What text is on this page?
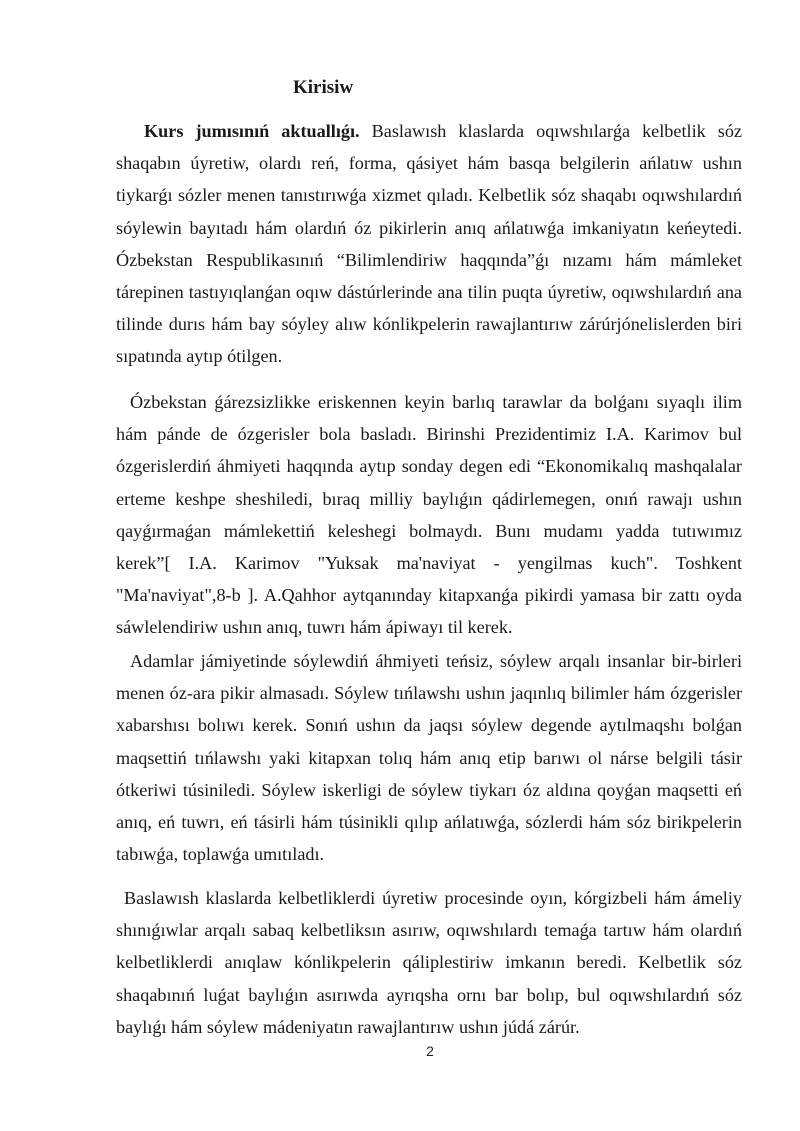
Kirisiw

Kurs jumısınıń aktuallıǵı. Baslawısh klaslarda oqıwshılarǵa kelbetlik sóz shaqabın úyretiw, olardı reń, forma, qásiyet hám basqa belgilerin ańlatıw ushın tiykarǵı sózler menen tanıstırıwǵa xizmet qıladı. Kelbetlik sóz shaqabı oqıwshılardıń sóylewin bayıtadı hám olardıń óz pikirlerin anıq ańlatıwǵa imkaniyatın keńeytedi. Ózbekstan Respublikasınıń “Bilimlendiriw haqqında”ǵı nızamı hám mámleket tárepinen tastıyıqlanǵan oqıw dástúrlerinde ana tilin puqta úyretiw, oqıwshılardıń ana tilinde durıs hám bay sóyley alıw kónlikpelerin rawajlantırıw zárúrjónelislerden biri sıpatında aytıp ótilgen.

Ózbekstan ǵárezsizlikke eriskennen keyin barlıq tarawlar da bolǵanı sıyaqlı ilim hám pánde de ózgerisler bola basladı. Birinshi Prezidentimiz I.A. Karimov bul ózgerislerdiń áhmiyeti haqqında aytıp sonday degen edi “Ekonomikalıq mashqalalar erteme keshpe sheshiledi, bıraq milliy baylıǵın qádirlemegen, onıń rawajı ushın qayǵırmaǵan mámlekettiń keleshegi bolmaydı. Bunı mudamı yadda tutıwımız kerek”[ I.A. Karimov "Yuksak ma'naviyat - yengilmas kuch". Toshkent "Ma'naviyat",8-b ]. A.Qahhor aytqanınday kitapxanǵa pikirdi yamasa bir zattı oyda sáwlelendiriw ushın anıq, tuwrı hám ápiwayı til kerek.

Adamlar jámiyetinde sóylewdiń áhmiyeti teńsiz, sóylew arqalı insanlar bir-birleri menen óz-ara pikir almasadı. Sóylew tıńlawshı ushın jaqınlıq bilimler hám ózgerisler xabarshısı bolıwı kerek. Sonıń ushın da jaqsı sóylew degende aytılmaqshı bolǵan maqsettiń tıńlawshı yaki kitapxan tolıq hám anıq etip barıwı ol nárse belgili tásir ótkeriwi túsiniledi. Sóylew iskerligi de sóylew tiykarı óz aldına qoyǵan maqsetti eń anıq, eń tuwrı, eń tásirli hám túsinikli qılıp ańlatıwǵa, sózlerdi hám sóz birikpelerin tabıwǵa, toplawǵa umıtıladı.

Baslawısh klaslarda kelbetliklerdi úyretiw procesinde oyın, kórgizbeli hám ámeliy shınıǵıwlar arqalı sabaq kelbetliksın asırıw, oqıwshılardı temaǵa tartıw hám olardıń kelbetliklerdi anıqlaw kónlikpelerin qáliplestiriw imkanın beredi. Kelbetlik sóz shaqabınıń luǵat baylıǵın asırıwda ayrıqsha ornı bar bolıp, bul oqıwshılardıń sóz baylıǵı hám sóylew mádeniyatın rawajlantırıw ushın júdá zárúr.

2
